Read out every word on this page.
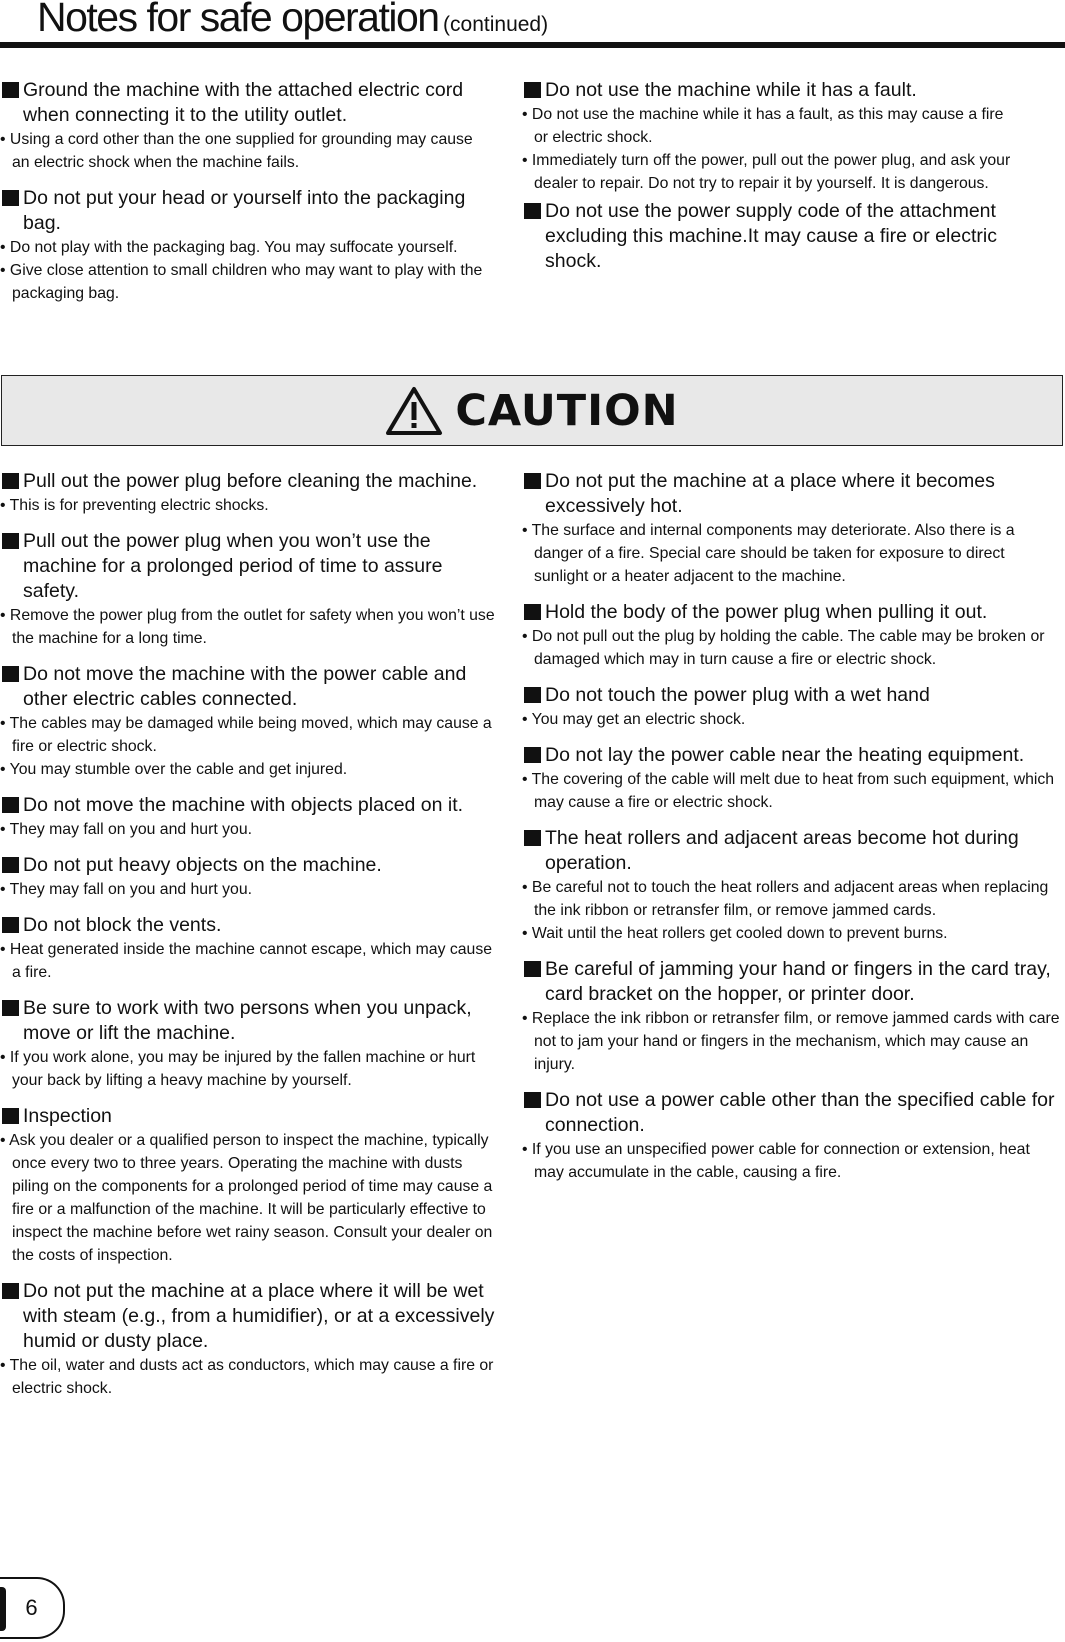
Notes for safe operation (continued)
Ground the machine with the attached electric cord when connecting it to the utility outlet.
• Using a cord other than the one supplied for grounding may cause an electric shock when the machine fails.
Do not put your head or yourself into the packaging bag.
• Do not play with the packaging bag. You may suffocate yourself.
• Give close attention to small children who may want to play with the packaging bag.
Do not use the machine while it has a fault.
• Do not use the machine while it has a fault, as this may cause a fire or electric shock.
• Immediately turn off the power, pull out the power plug, and ask your dealer to repair. Do not try to repair it by yourself. It is dangerous.
Do not use the power supply code of the attachment excluding this machine.It may cause a fire or electric shock.
CAUTION
Pull out the power plug before cleaning the machine.
• This is for preventing electric shocks.
Pull out the power plug when you won’t use the machine for a prolonged period of time to assure safety.
• Remove the power plug from the outlet for safety when you won’t use the machine for a long time.
Do not move the machine with the power cable and other electric cables connected.
• The cables may be damaged while being moved, which may cause a fire or electric shock.
• You may stumble over the cable and get injured.
Do not move the machine with objects placed on it.
• They may fall on you and hurt you.
Do not put heavy objects on the machine.
• They may fall on you and hurt you.
Do not block the vents.
• Heat generated inside the machine cannot escape, which may cause a fire.
Be sure to work with two persons when you unpack, move or lift the machine.
• If you work alone, you may be injured by the fallen machine or hurt your back by lifting a heavy machine by yourself.
Inspection
• Ask you dealer or a qualified person to inspect the machine, typically once every two to three years. Operating the machine with dusts piling on the components for a prolonged period of time may cause a fire or a malfunction of the machine. It will be particularly effective to inspect the machine before wet rainy season. Consult your dealer on the costs of inspection.
Do not put the machine at a place where it will be wet with steam (e.g., from a humidifier), or at a excessively humid or dusty place.
• The oil, water and dusts act as conductors, which may cause a fire or electric shock.
Do not put the machine at a place where it becomes excessively hot.
• The surface and internal components may deteriorate. Also there is a danger of a fire. Special care should be taken for exposure to direct sunlight or a heater adjacent to the machine.
Hold the body of the power plug when pulling it out.
• Do not pull out the plug by holding the cable. The cable may be broken or damaged which may in turn cause a fire or electric shock.
Do not touch the power plug with a wet hand
• You may get an electric shock.
Do not lay the power cable near the heating equipment.
• The covering of the cable will melt due to heat from such equipment, which may cause a fire or electric shock.
The heat rollers and adjacent areas become hot during operation.
• Be careful not to touch the heat rollers and adjacent areas when replacing the ink ribbon or retransfer film, or remove jammed cards.
• Wait until the heat rollers get cooled down to prevent burns.
Be careful of jamming your hand or fingers in the card tray, card bracket on the hopper, or printer door.
• Replace the ink ribbon or retransfer film, or remove jammed cards with care not to jam your hand or fingers in the mechanism, which may cause an injury.
Do not use a power cable other than the specified cable for connection.
• If you use an unspecified power cable for connection or extension, heat may accumulate in the cable, causing a fire.
6
